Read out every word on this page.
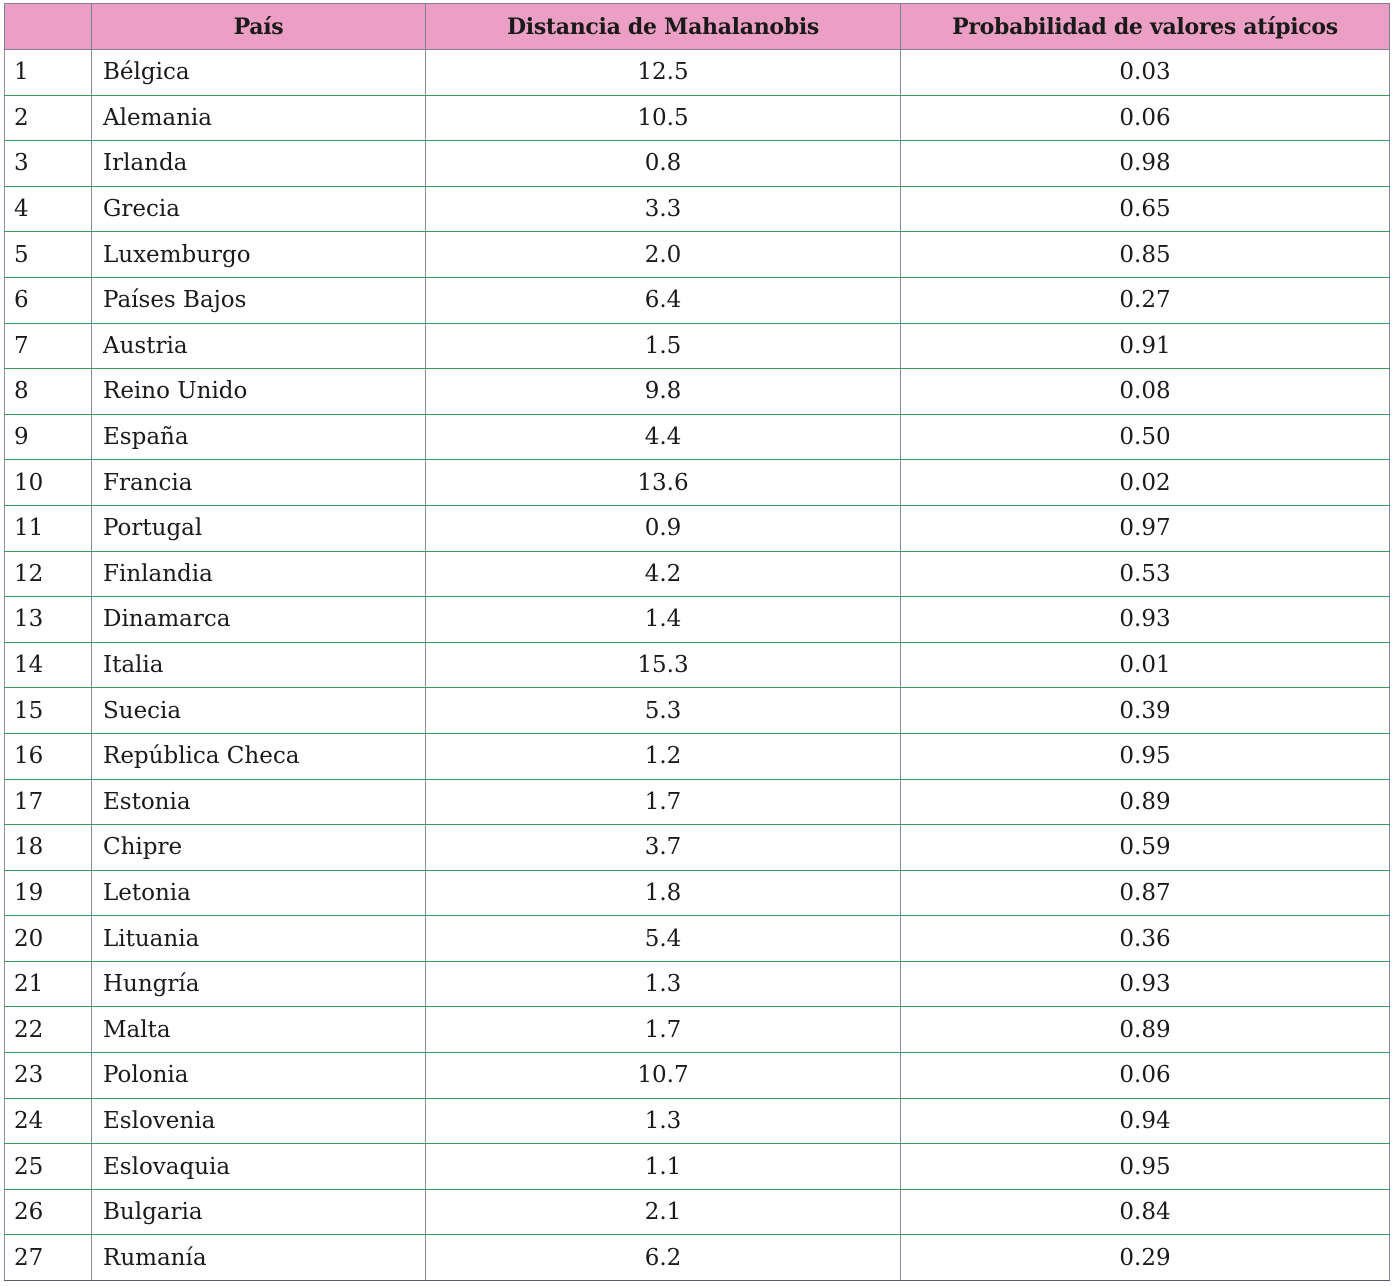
	País	Distancia de Mahalanobis	Probabilidad de valores atípicos
1	Bélgica	12.5	0.03
2	Alemania	10.5	0.06
3	Irlanda	0.8	0.98
4	Grecia	3.3	0.65
5	Luxemburgo	2.0	0.85
6	Países Bajos	6.4	0.27
7	Austria	1.5	0.91
8	Reino Unido	9.8	0.08
9	España	4.4	0.50
10	Francia	13.6	0.02
11	Portugal	0.9	0.97
12	Finlandia	4.2	0.53
13	Dinamarca	1.4	0.93
14	Italia	15.3	0.01
15	Suecia	5.3	0.39
16	República Checa	1.2	0.95
17	Estonia	1.7	0.89
18	Chipre	3.7	0.59
19	Letonia	1.8	0.87
20	Lituania	5.4	0.36
21	Hungría	1.3	0.93
22	Malta	1.7	0.89
23	Polonia	10.7	0.06
24	Eslovenia	1.3	0.94
25	Eslovaquia	1.1	0.95
26	Bulgaria	2.1	0.84
27	Rumanía	6.2	0.29
